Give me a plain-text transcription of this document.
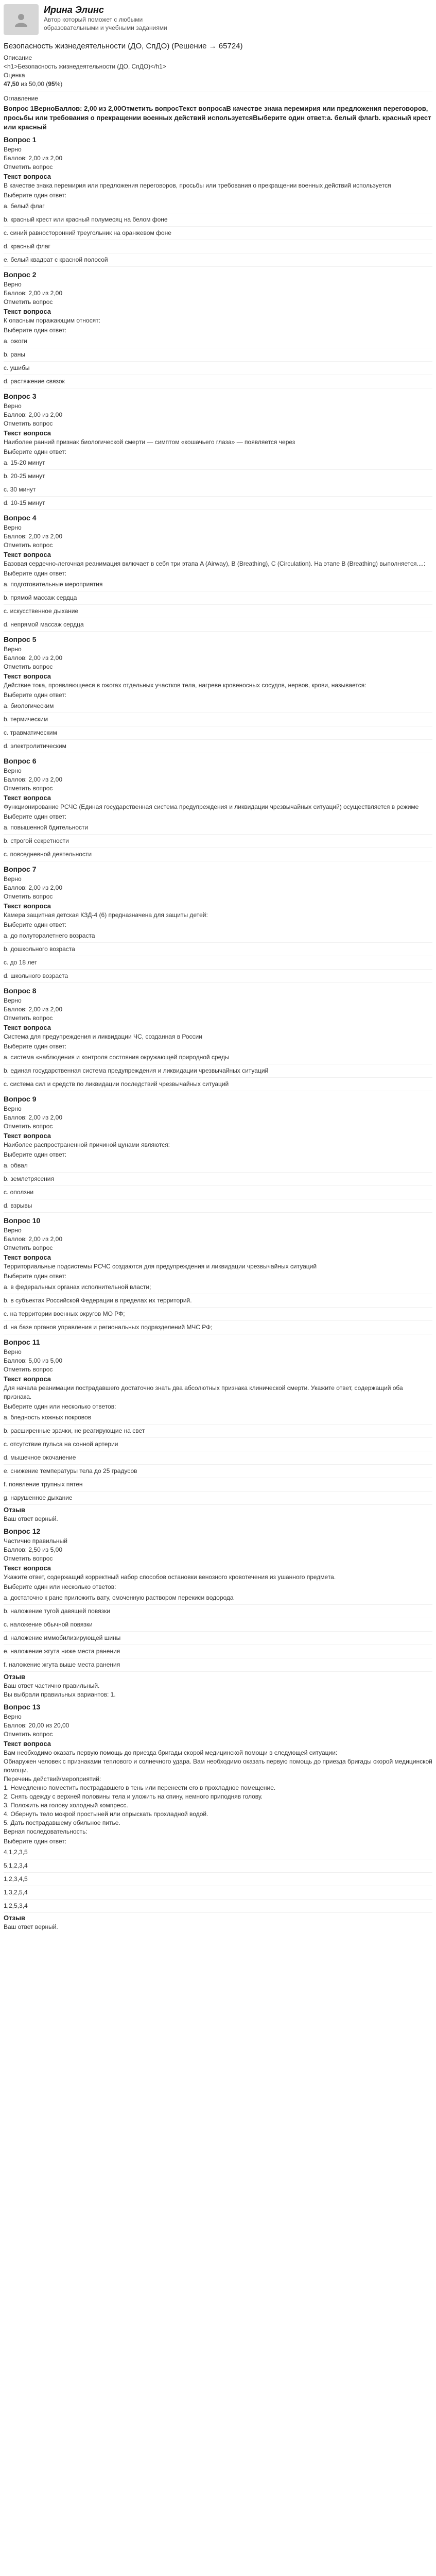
Ирина Элинс
Автор который поможет с любыми образовательными и учебными заданиями
Безопасность жизнедеятельности (ДО, СпДО) (Решение → 65724)
Описание
<h1>Безопасность жизнедеятельности (ДО, СпДО)</h1>
Оценка
47,50 из 50,00 (95%)
Оглавление
Вопрос 1ВерноБаллов: 2,00 из 2,00Отметить вопросТекст вопросаВ качестве знака перемирия или предложения переговоров, просьбы или требования о прекращении военных действий используетсяВыберите один ответ:a. белый флагb. красный крест или красный
Вопрос 1
Верно
Баллов: 2,00 из 2,00
Отметить вопрос
Текст вопроса
В качестве знака перемирия или предложения переговоров, просьбы или требования о прекращении военных действий используется
Выберите один ответ:
a. белый флаг
b. красный крест или красный полумесяц на белом фоне
c. синий равносторонний треугольник на оранжевом фоне
d. красный флаг
e. белый квадрат с красной полосой
Вопрос 2
Верно
Баллов: 2,00 из 2,00
Отметить вопрос
Текст вопроса
К опасным поражающим относят:
Выберите один ответ:
a. ожоги
b. раны
c. ушибы
d. растяжение связок
Вопрос 3
Верно
Баллов: 2,00 из 2,00
Отметить вопрос
Текст вопроса
Наиболее ранний признак биологической смерти — симптом «кошачьего глаза» — появляется через
Выберите один ответ:
a. 15-20 минут
b. 20-25 минут
c. 30 минут
d. 10-15 минут
Вопрос 4
Верно
Баллов: 2,00 из 2,00
Отметить вопрос
Текст вопроса
Базовая сердечно-легочная реанимация включает в себя три этапа A (Airway), B (Breathing), C (Circulation). На этапе B (Breathing) выполняется....:
Выберите один ответ:
a. подготовительные мероприятия
b. прямой массаж сердца
c. искусственное дыхание
d. непрямой массаж сердца
Вопрос 5
Верно
Баллов: 2,00 из 2,00
Отметить вопрос
Текст вопроса
Действие тока, проявляющееся в ожогах отдельных участков тела, нагреве кровеносных сосудов, нервов, крови, называется:
Выберите один ответ:
a. биологическим
b. термическим
c. травматическим
d. электролитическим
Вопрос 6
Верно
Баллов: 2,00 из 2,00
Отметить вопрос
Текст вопроса
Функционирование РСЧС (Единая государственная система предупреждения и ликвидации чрезвычайных ситуаций) осуществляется в режиме
Выберите один ответ:
a. повышенной бдительности
b. строгой секретности
c. повседневной деятельности
Вопрос 7
Верно
Баллов: 2,00 из 2,00
Отметить вопрос
Текст вопроса
Камера защитная детская КЗД-4 (6) предназначена для защиты детей:
Выберите один ответ:
a. до полуторалетнего возраста
b. дошкольного возраста
c. до 18 лет
d. школьного возраста
Вопрос 8
Верно
Баллов: 2,00 из 2,00
Отметить вопрос
Текст вопроса
Система для предупреждения и ликвидации ЧС, созданная в России
Выберите один ответ:
a. система «наблюдения и контроля состояния окружающей природной среды
b. единая государственная система предупреждения и ликвидации чрезвычайных ситуаций
c. система сил и средств по ликвидации последствий чрезвычайных ситуаций
Вопрос 9
Верно
Баллов: 2,00 из 2,00
Отметить вопрос
Текст вопроса
Наиболее распространенной причиной цунами являются:
Выберите один ответ:
a. обвал
b. землетрясения
c. оползни
d. взрывы
Вопрос 10
Верно
Баллов: 2,00 из 2,00
Отметить вопрос
Текст вопроса
Территориальные подсистемы РСЧС создаются для предупреждения и ликвидации чрезвычайных ситуаций
Выберите один ответ:
a. в федеральных органах исполнительной власти;
b. в субъектах Российской Федерации в пределах их территорий.
c. на территории военных округов МО РФ;
d. на базе органов управления и региональных подразделений МЧС РФ;
Вопрос 11
Верно
Баллов: 5,00 из 5,00
Отметить вопрос
Текст вопроса
Для начала реанимации пострадавшего достаточно знать два абсолютных признака клинической смерти. Укажите ответ, содержащий оба признака.
Выберите один или несколько ответов:
a. бледность кожных покровов
b. расширенные зрачки, не реагирующие на свет
c. отсутствие пульса на сонной артерии
d. мышечное окочанение
e. снижение температуры тела до 25 градусов
f. появление трупных пятен
g. нарушенное дыхание
Отзыв
Ваш ответ верный.
Вопрос 12
Частично правильный
Баллов: 2,50 из 5,00
Отметить вопрос
Текст вопроса
Укажите ответ, содержащий корректный набор способов остановки венозного кровотечения из ушанного предмета.
Выберите один или несколько ответов:
a. достаточно к ране приложить вату, смоченную раствором перекиси водорода
b. наложение тугой давящей повязки
c. наложение обычной повязки
d. наложение иммобилизирующей шины
e. наложение жгута ниже места ранения
f. наложение жгута выше места ранения
Отзыв
Ваш ответ частично правильный.
Вы выбрали правильных вариантов: 1.
Вопрос 13
Верно
Баллов: 20,00 из 20,00
Отметить вопрос
Текст вопроса
Вам необходимо оказать первую помощь до приезда бригады скорой медицинской помощи в следующей ситуации:
Обнаружен человек с признаками теплового и солнечного удара. Вам необходимо оказать первую помощь до приезда бригады скорой медицинской помощи.
Перечень действий/мероприятий:
1. Немедленно поместить пострадавшего в тень или перенести его в прохладное помещение.
2. Снять одежду с верхней половины тела и уложить на спину, немного приподняв голову.
3. Положить на голову холодный компресс.
4. Обернуть тело мокрой простыней или опрыскать прохладной водой.
5. Дать пострадавшему обильное питье.
Верная последовательность:
Выберите один ответ:
4,1,2,3,5
5,1,2,3,4
1,2,3,4,5
1,3,2,5,4
1,2,5,3,4
Отзыв
Ваш ответ верный.
